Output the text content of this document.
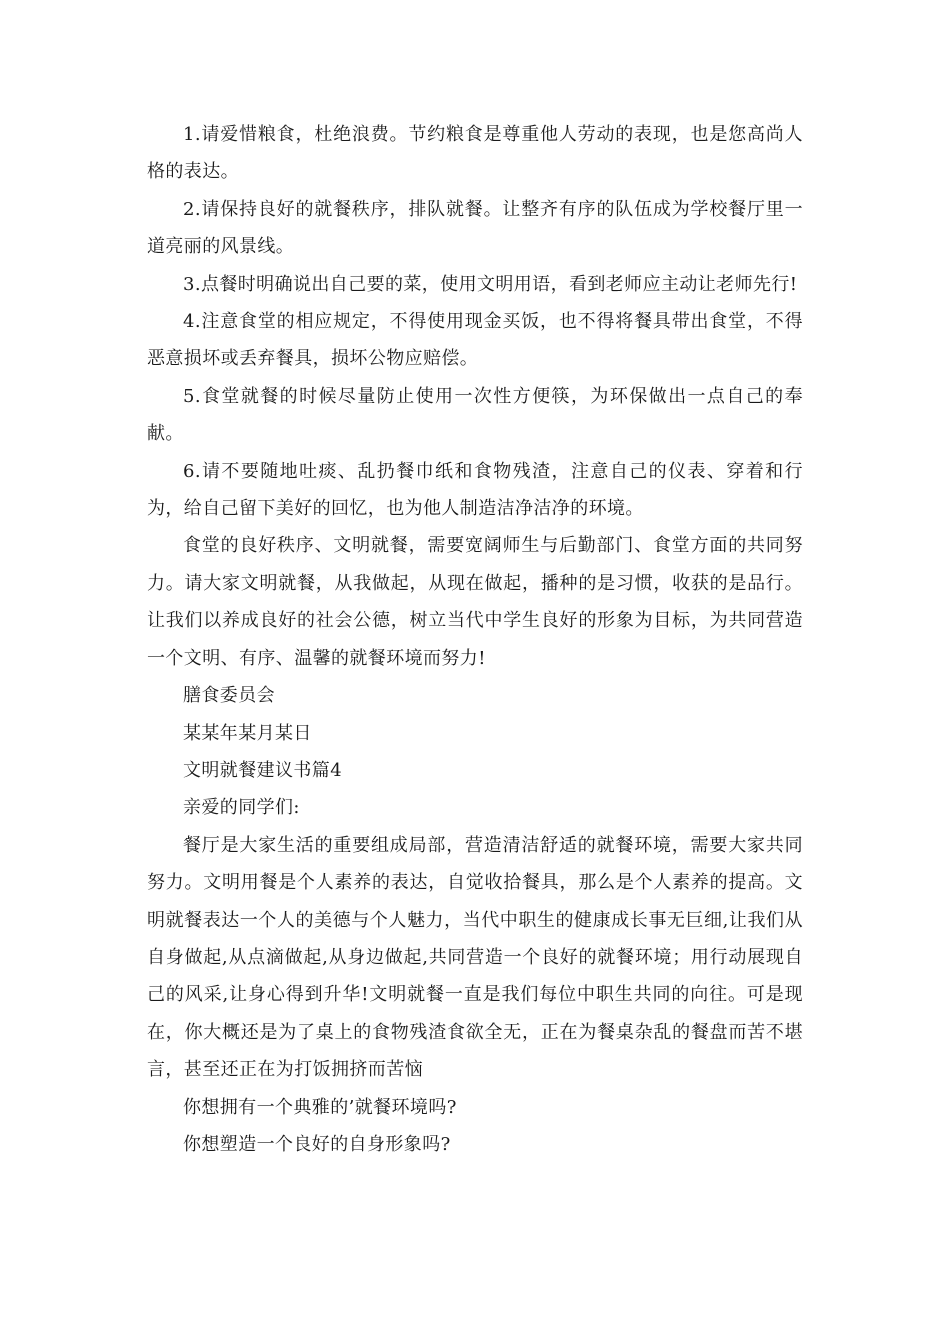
1.请爱惜粮食，杜绝浪费。节约粮食是尊重他人劳动的表现，也是您高尚人格的表达。

2.请保持良好的就餐秩序，排队就餐。让整齐有序的队伍成为学校餐厅里一道亮丽的风景线。

3.点餐时明确说出自己要的菜，使用文明用语，看到老师应主动让老师先行!

4.注意食堂的相应规定，不得使用现金买饭，也不得将餐具带出食堂，不得恶意损坏或丢弃餐具，损坏公物应赔偿。

5.食堂就餐的时候尽量防止使用一次性方便筷，为环保做出一点自己的奉献。

6.请不要随地吐痰、乱扔餐巾纸和食物残渣，注意自己的仪表、穿着和行为，给自己留下美好的回忆，也为他人制造洁净洁净的环境。

食堂的良好秩序、文明就餐，需要宽阔师生与后勤部门、食堂方面的共同努力。请大家文明就餐，从我做起，从现在做起，播种的是习惯，收获的是品行。让我们以养成良好的社会公德，树立当代中学生良好的形象为目标，为共同营造一个文明、有序、温馨的就餐环境而努力!

膳食委员会

某某年某月某日

文明就餐建议书篇4

亲爱的同学们:

餐厅是大家生活的重要组成局部，营造清洁舒适的就餐环境，需要大家共同努力。文明用餐是个人素养的表达，自觉收拾餐具，那么是个人素养的提高。文明就餐表达一个人的美德与个人魅力，当代中职生的健康成长事无巨细,让我们从自身做起,从点滴做起,从身边做起,共同营造一个良好的就餐环境；用行动展现自己的风采,让身心得到升华!文明就餐一直是我们每位中职生共同的向往。可是现在，你大概还是为了桌上的食物残渣食欲全无，正在为餐桌杂乱的餐盘而苦不堪言，甚至还正在为打饭拥挤而苦恼

你想拥有一个典雅的’就餐环境吗?

你想塑造一个良好的自身形象吗?
